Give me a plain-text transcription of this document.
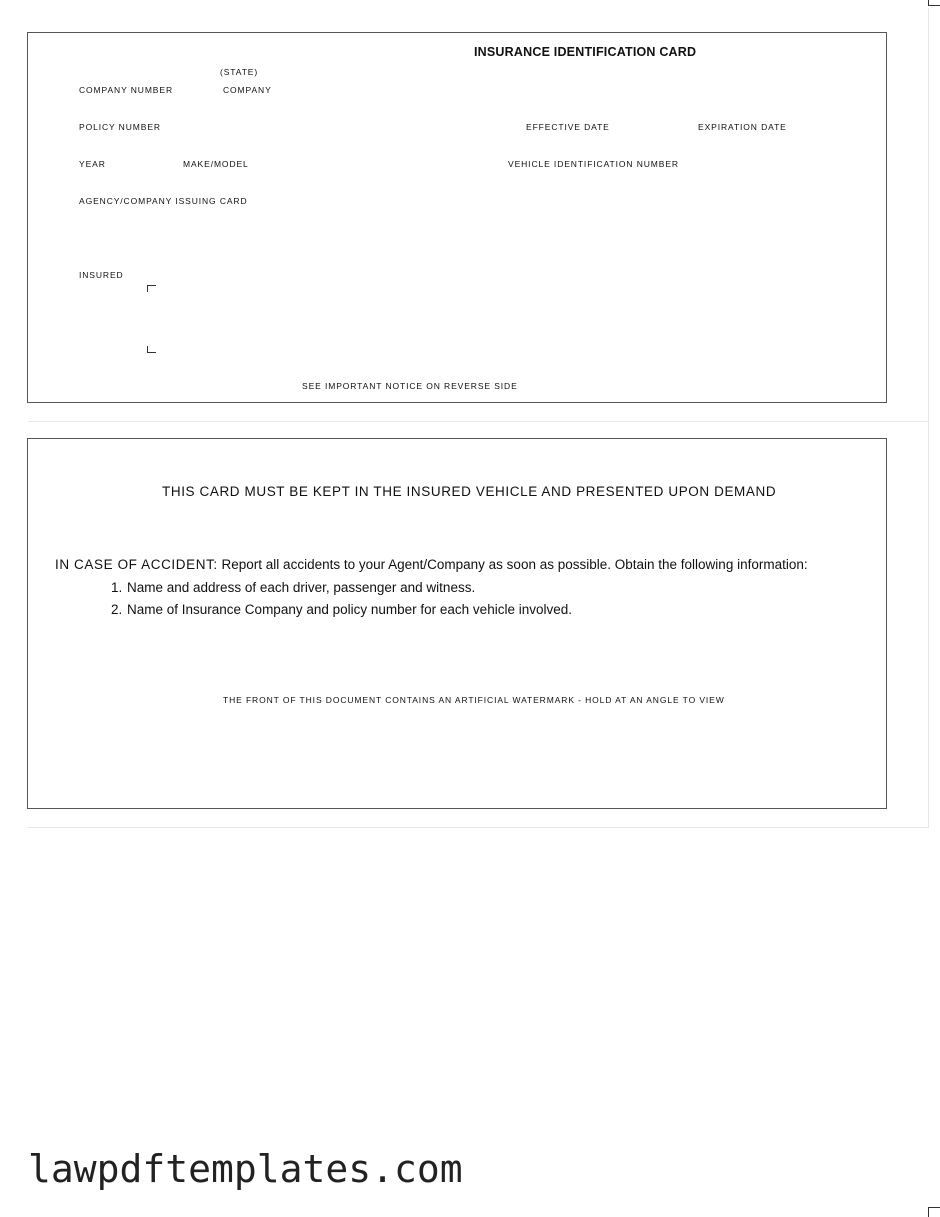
INSURANCE IDENTIFICATION CARD
(STATE)
COMPANY NUMBER	COMPANY
POLICY NUMBER	EFFECTIVE DATE	EXPIRATION DATE
YEAR	MAKE/MODEL	VEHICLE IDENTIFICATION NUMBER
AGENCY/COMPANY ISSUING CARD
INSURED
SEE IMPORTANT NOTICE ON REVERSE SIDE
THIS CARD MUST BE KEPT IN THE INSURED VEHICLE AND PRESENTED UPON DEMAND
IN CASE OF ACCIDENT: Report all accidents to your Agent/Company as soon as possible. Obtain the following information:
1. Name and address of each driver, passenger and witness.
2. Name of Insurance Company and policy number for each vehicle involved.
THE FRONT OF THIS DOCUMENT CONTAINS AN ARTIFICIAL WATERMARK - HOLD AT AN ANGLE TO VIEW
lawpdftemplates.com
